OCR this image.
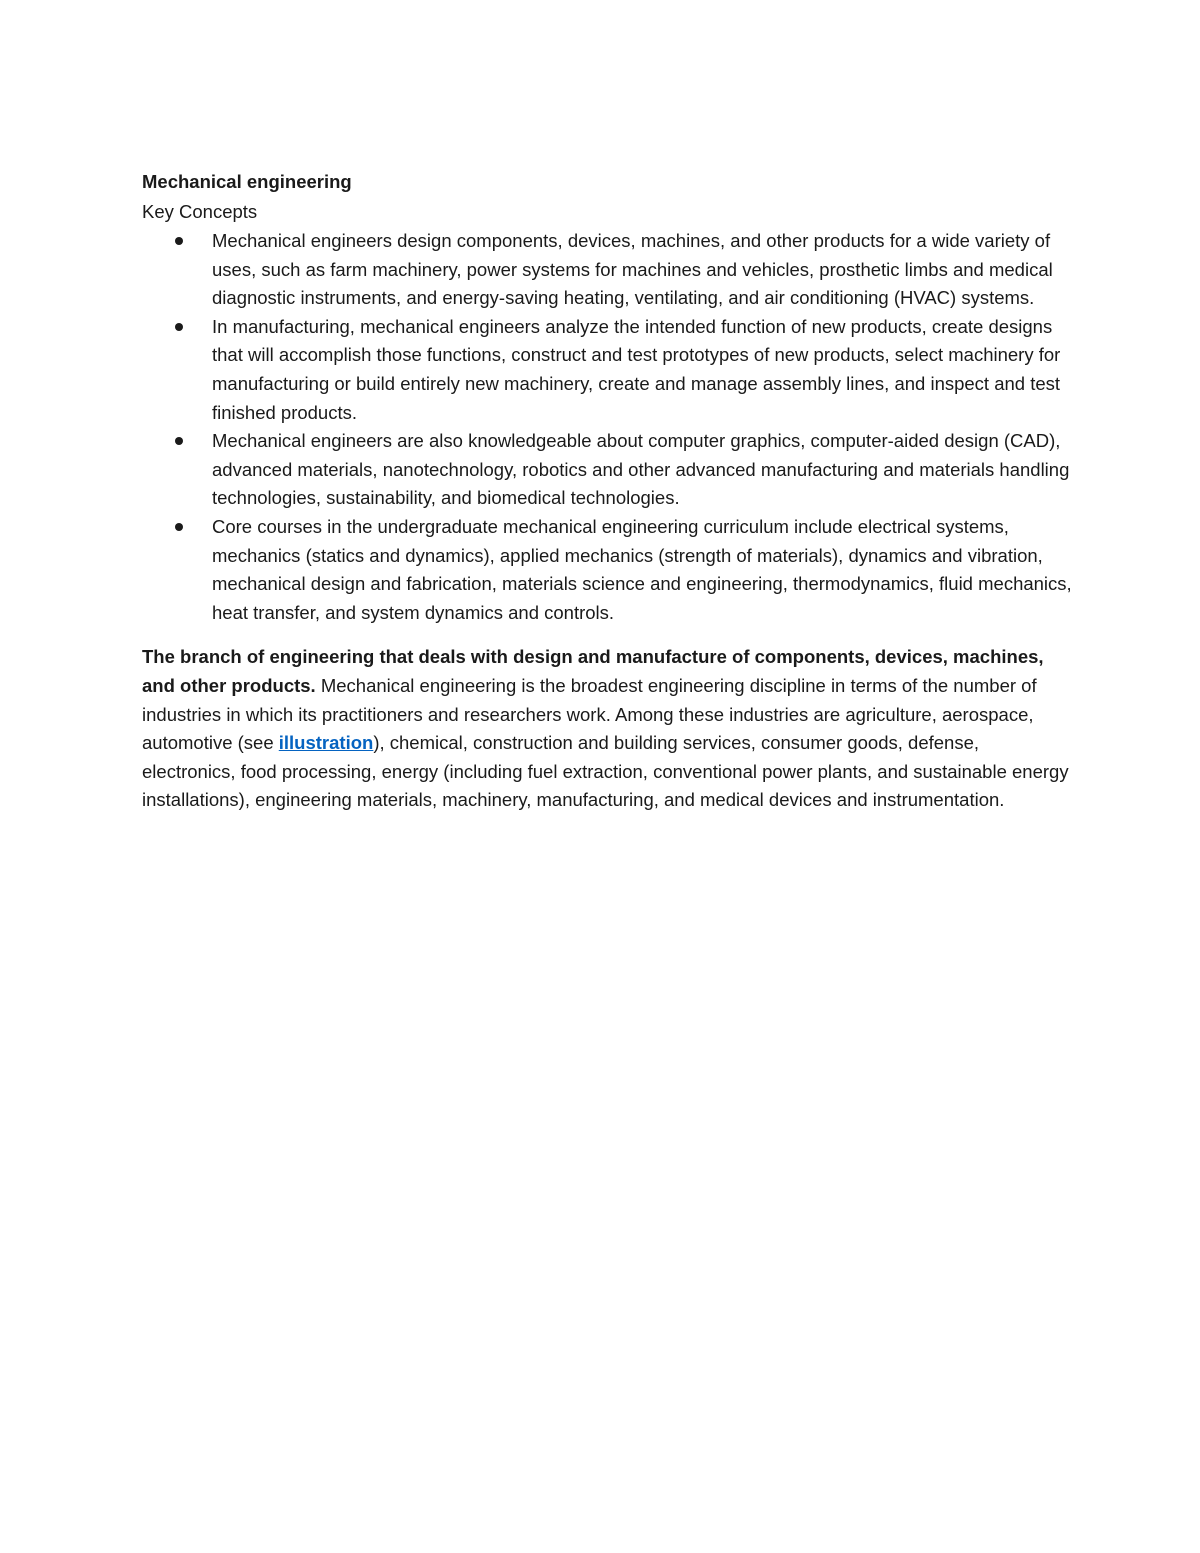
Mechanical engineering

Key Concepts

Mechanical engineers design components, devices, machines, and other products for a wide variety of uses, such as farm machinery, power systems for machines and vehicles, prosthetic limbs and medical diagnostic instruments, and energy-saving heating, ventilating, and air conditioning (HVAC) systems.
In manufacturing, mechanical engineers analyze the intended function of new products, create designs that will accomplish those functions, construct and test prototypes of new products, select machinery for manufacturing or build entirely new machinery, create and manage assembly lines, and inspect and test finished products.
Mechanical engineers are also knowledgeable about computer graphics, computer-aided design (CAD), advanced materials, nanotechnology, robotics and other advanced manufacturing and materials handling technologies, sustainability, and biomedical technologies.
Core courses in the undergraduate mechanical engineering curriculum include electrical systems, mechanics (statics and dynamics), applied mechanics (strength of materials), dynamics and vibration, mechanical design and fabrication, materials science and engineering, thermodynamics, fluid mechanics, heat transfer, and system dynamics and controls.

The branch of engineering that deals with design and manufacture of components, devices, machines, and other products. Mechanical engineering is the broadest engineering discipline in terms of the number of industries in which its practitioners and researchers work. Among these industries are agriculture, aerospace, automotive (see illustration), chemical, construction and building services, consumer goods, defense, electronics, food processing, energy (including fuel extraction, conventional power plants, and sustainable energy installations), engineering materials, machinery, manufacturing, and medical devices and instrumentation.
